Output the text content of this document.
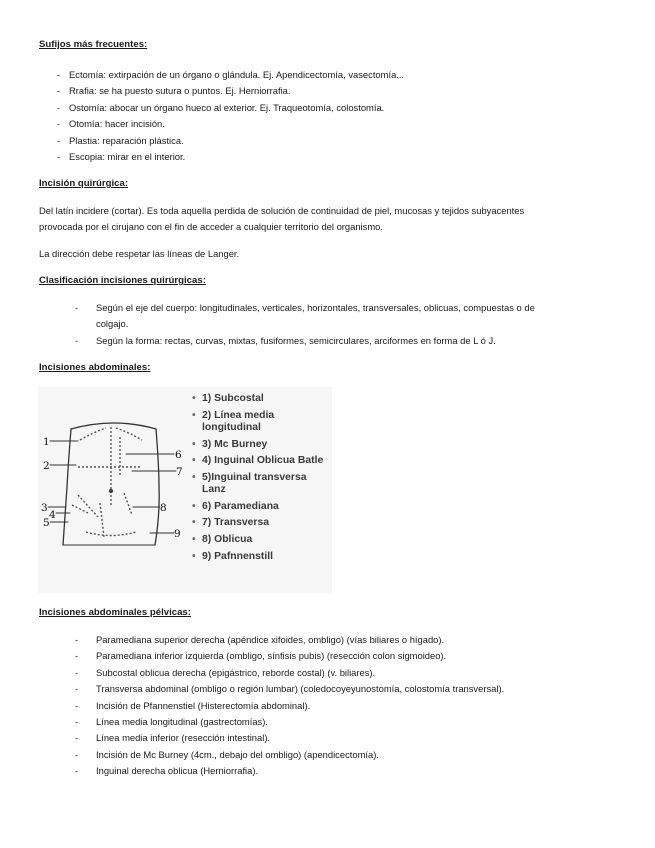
Sufijos más frecuentes:
- Ectomía: extirpación de un órgano o glándula. Ej. Apendicectomía, vasectomía...
- Rrafia: se ha puesto sutura o puntos. Ej. Herniorrafia.
- Ostomía: abocar un órgano hueco al exterior. Ej. Traqueotomía, colostomía.
- Otomía: hacer incisión.
- Plastia: reparación plástica.
- Escopia: mirar en el interior.
Incisión quirúrgica:
Del latín incidere (cortar). Es toda aquella perdida de solución de continuidad de piel, mucosas y tejidos subyacentes
provocada por el cirujano con el fin de acceder a cualquier territorio del organismo.
La dirección debe respetar las líneas de Langer.
Clasificación incisiones quirúrgicas:
- Según el eje del cuerpo: longitudinales, verticales, horizontales, transversales, oblicuas, compuestas o de
colgajo.
- Según la forma: rectas, curvas, mixtas, fusiformes, semicirculares, arciformes en forma de L ó J.
Incisiones abdominales:
1
2
3
4
5
6
7
8
9
• 1) Subcostal
• 2) Línea media
longitudinal
• 3) Mc Burney
• 4) Inguinal Oblicua Batle
• 5)Inguinal transversa
Lanz
• 6) Paramediana
• 7) Transversa
• 8) Oblicua
• 9) Pafnnenstill
Incisiones abdominales pélvicas:
- Paramediana superior derecha (apéndice xifoides, ombligo) (vías biliares o hígado).
- Paramediana inferior izquierda (ombligo, sínfisis pubis) (resección colon sigmoideo).
- Subcostal oblicua derecha (epigástrico, reborde costal) (v. biliares).
- Transversa abdominal (ombligo o región lumbar) (coledocoyeyunostomía, colostomía transversal).
- Incisión de Pfannenstiel (Histerectomía abdominal).
- Línea media longitudinal (gastrectomías).
- Línea media inferior (resección intestinal).
- Incisión de Mc Burney (4cm., debajo del ombligo) (apendicectomía).
- Inguinal derecha oblicua (Herniorrafia).
